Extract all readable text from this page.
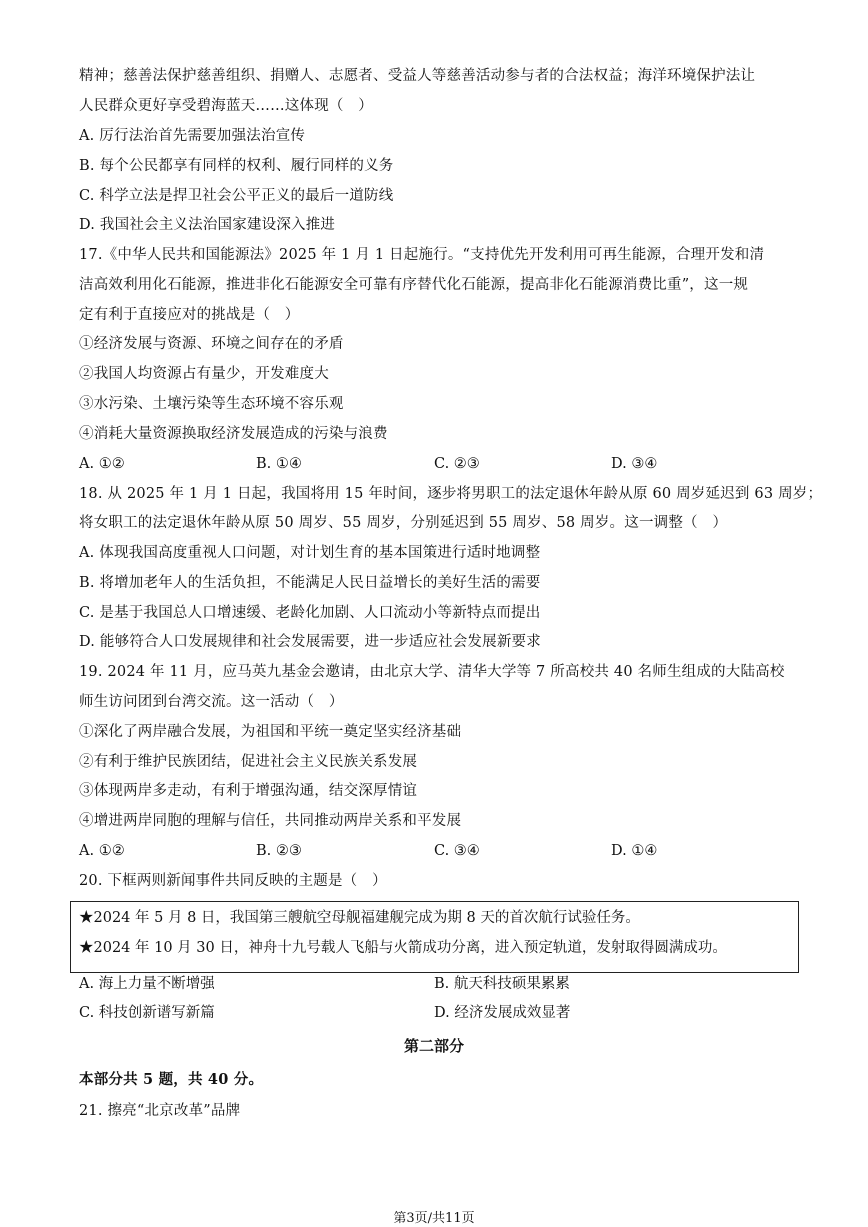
精神；慈善法保护慈善组织、捐赠人、志愿者、受益人等慈善活动参与者的合法权益；海洋环境保护法让
人民群众更好享受碧海蓝天……这体现（　）
A. 厉行法治首先需要加强法治宣传
B. 每个公民都享有同样的权利、履行同样的义务
C. 科学立法是捍卫社会公平正义的最后一道防线
D. 我国社会主义法治国家建设深入推进
17.《中华人民共和国能源法》2025 年 1 月 1 日起施行。“支持优先开发利用可再生能源，合理开发和清
洁高效利用化石能源，推进非化石能源安全可靠有序替代化石能源，提高非化石能源消费比重”，这一规
定有利于直接应对的挑战是（　）
①经济发展与资源、环境之间存在的矛盾
②我国人均资源占有量少，开发难度大
③水污染、土壤污染等生态环境不容乐观
④消耗大量资源换取经济发展造成的污染与浪费
A. ①②	B. ①④	C. ②③	D. ③④
18. 从 2025 年 1 月 1 日起，我国将用 15 年时间，逐步将男职工的法定退休年龄从原 60 周岁延迟到 63 周岁；
将女职工的法定退休年龄从原 50 周岁、55 周岁，分别延迟到 55 周岁、58 周岁。这一调整（　）
A. 体现我国高度重视人口问题，对计划生育的基本国策进行适时地调整
B. 将增加老年人的生活负担，不能满足人民日益增长的美好生活的需要
C. 是基于我国总人口增速缓、老龄化加剧、人口流动小等新特点而提出
D. 能够符合人口发展规律和社会发展需要，进一步适应社会发展新要求
19. 2024 年 11 月，应马英九基金会邀请，由北京大学、清华大学等 7 所高校共 40 名师生组成的大陆高校
师生访问团到台湾交流。这一活动（　）
①深化了两岸融合发展，为祖国和平统一奠定坚实经济基础
②有利于维护民族团结，促进社会主义民族关系发展
③体现两岸多走动，有利于增强沟通，结交深厚情谊
④增进两岸同胞的理解与信任，共同推动两岸关系和平发展
A. ①②	B. ②③	C. ③④	D. ①④
20. 下框两则新闻事件共同反映的主题是（　）
★2024 年 5 月 8 日，我国第三艘航空母舰福建舰完成为期 8 天的首次航行试验任务。
★2024 年 10 月 30 日，神舟十九号载人飞船与火箭成功分离，进入预定轨道，发射取得圆满成功。
A. 海上力量不断增强	B. 航天科技硕果累累
C. 科技创新谱写新篇	D. 经济发展成效显著
第二部分
本部分共 5 题，共 40 分。
21. 擦亮“北京改革”品牌
第3页/共11页
